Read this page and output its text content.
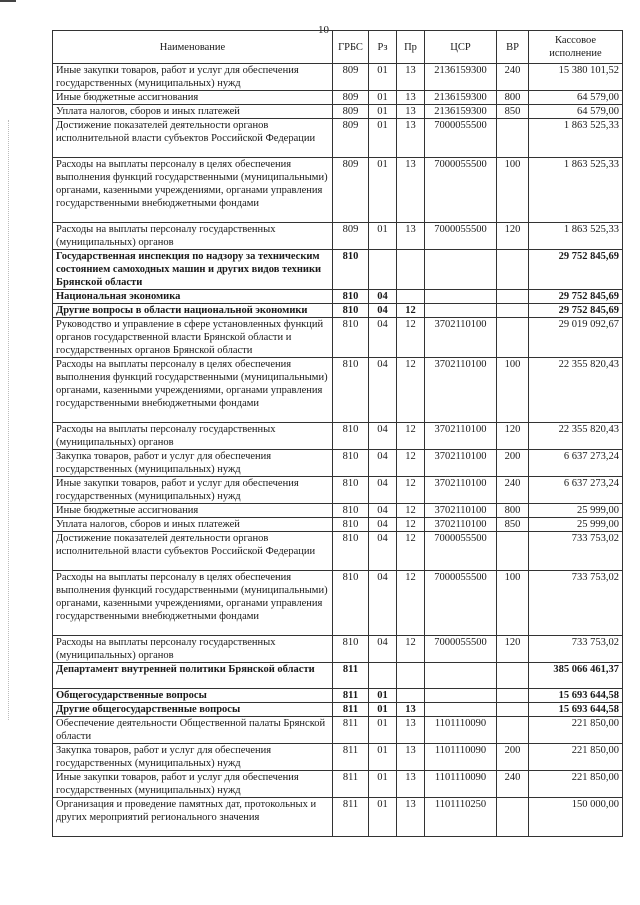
10
Наименование	ГРБС	Рз	Пр	ЦСР	ВР	Кассовое исполнение
Иные закупки товаров, работ и услуг для обеспечения государственных (муниципальных) нужд	809	01	13	2136159300	240	15 380 101,52
Иные бюджетные ассигнования	809	01	13	2136159300	800	64 579,00
Уплата налогов, сборов и иных платежей	809	01	13	2136159300	850	64 579,00
Достижение показателей деятельности органов исполнительной власти субъектов Российской Федерации	809	01	13	7000055500		1 863 525,33
Расходы на выплаты персоналу в целях обеспечения выполнения функций государственными (муниципальными) органами, казенными учреждениями, органами управления государственными внебюджетными фондами	809	01	13	7000055500	100	1 863 525,33
Расходы на выплаты персоналу государственных (муниципальных) органов	809	01	13	7000055500	120	1 863 525,33
Государственная инспекция по надзору за техническим состоянием самоходных машин и других видов техники Брянской области	810					29 752 845,69
Национальная экономика	810	04				29 752 845,69
Другие вопросы в области национальной экономики	810	04	12			29 752 845,69
Руководство и управление в сфере установленных функций органов государственной власти Брянской области и государственных органов Брянской области	810	04	12	3702110100		29 019 092,67
Расходы на выплаты персоналу в целях обеспечения выполнения функций государственными (муниципальными) органами, казенными учреждениями, органами управления государственными внебюджетными фондами	810	04	12	3702110100	100	22 355 820,43
Расходы на выплаты персоналу государственных (муниципальных) органов	810	04	12	3702110100	120	22 355 820,43
Закупка товаров, работ и услуг для обеспечения государственных (муниципальных) нужд	810	04	12	3702110100	200	6 637 273,24
Иные закупки товаров, работ и услуг для обеспечения государственных (муниципальных) нужд	810	04	12	3702110100	240	6 637 273,24
Иные бюджетные ассигнования	810	04	12	3702110100	800	25 999,00
Уплата налогов, сборов и иных платежей	810	04	12	3702110100	850	25 999,00
Достижение показателей деятельности органов исполнительной власти субъектов Российской Федерации	810	04	12	7000055500		733 753,02
Расходы на выплаты персоналу в целях обеспечения выполнения функций государственными (муниципальными) органами, казенными учреждениями, органами управления государственными внебюджетными фондами	810	04	12	7000055500	100	733 753,02
Расходы на выплаты персоналу государственных (муниципальных) органов	810	04	12	7000055500	120	733 753,02
Департамент внутренней политики Брянской области	811					385 066 461,37
Общегосударственные вопросы	811	01				15 693 644,58
Другие общегосударственные вопросы	811	01	13			15 693 644,58
Обеспечение деятельности Общественной палаты Брянской области	811	01	13	1101110090		221 850,00
Закупка товаров, работ и услуг для обеспечения государственных (муниципальных) нужд	811	01	13	1101110090	200	221 850,00
Иные закупки товаров, работ и услуг для обеспечения государственных (муниципальных) нужд	811	01	13	1101110090	240	221 850,00
Организация и проведение памятных дат, протокольных и других мероприятий регионального значения	811	01	13	1101110250		150 000,00
